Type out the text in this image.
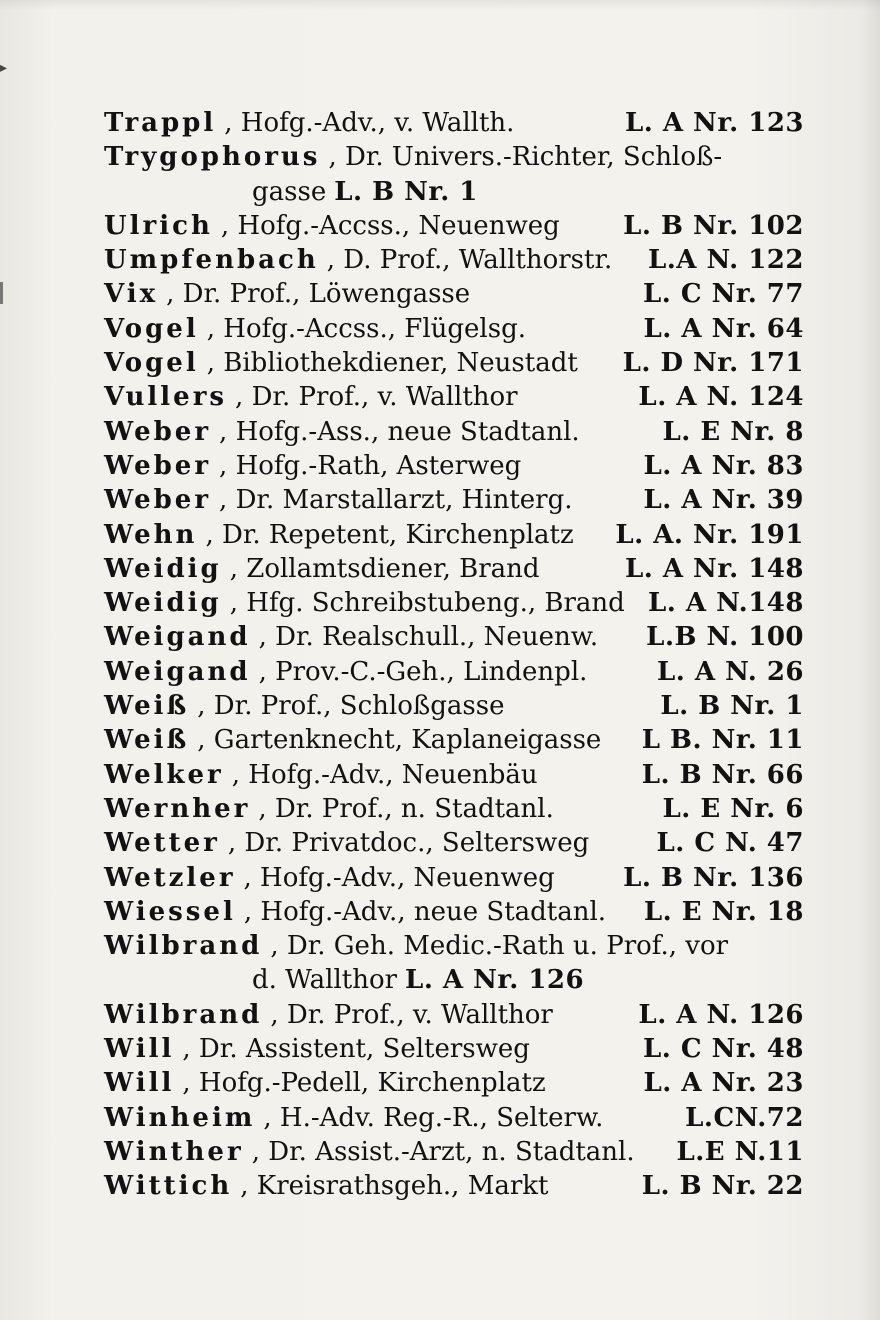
▸
Trappl , Hofg.-Adv., v. Wallth.	L. A Nr. 123
Trygophorus , Dr. Univers.-Richter, Schloß-
gasse L. B Nr. 1
Ulrich , Hofg.-Accss., Neuenweg	L. B Nr. 102
Umpfenbach , D. Prof., Wallthorstr.	L.A N. 122
Vix , Dr. Prof., Löwengasse	L. C Nr. 77
Vogel , Hofg.-Accss., Flügelsg.	L. A Nr. 64
Vogel , Bibliothekdiener, Neustadt	L. D Nr. 171
Vullers , Dr. Prof., v. Wallthor	L. A N. 124
Weber , Hofg.-Ass., neue Stadtanl.	L. E Nr. 8
Weber , Hofg.-Rath, Asterweg	L. A Nr. 83
Weber , Dr. Marstallarzt, Hinterg.	L. A Nr. 39
Wehn , Dr. Repetent, Kirchenplatz	L. A. Nr. 191
Weidig , Zollamtsdiener, Brand	L. A Nr. 148
Weidig , Hfg. Schreibstubeng., Brand L. A N.148
Weigand , Dr. Realschull., Neuenw.	L.B N. 100
Weigand , Prov.-C.-Geh., Lindenpl.	L. A N. 26
Weiß , Dr. Prof., Schloßgasse	L. B Nr. 1
Weiß , Gartenknecht, Kaplaneigasse	L B. Nr. 11
Welker , Hofg.-Adv., Neuenbäu	L. B Nr. 66
Wernher , Dr. Prof., n. Stadtanl.	L. E Nr. 6
Wetter , Dr. Privatdoc., Seltersweg	L. C N. 47
Wetzler , Hofg.-Adv., Neuenweg	L. B Nr. 136
Wiessel , Hofg.-Adv., neue Stadtanl.	L. E Nr. 18
Wilbrand , Dr. Geh. Medic.-Rath u. Prof., vor
d. Wallthor L. A Nr. 126
Wilbrand , Dr. Prof., v. Wallthor	L. A N. 126
Will , Dr. Assistent, Seltersweg	L. C Nr. 48
Will , Hofg.-Pedell, Kirchenplatz	L. A Nr. 23
Winheim , H.-Adv. Reg.-R., Selterw.	L.CN.72
Winther , Dr. Assist.-Arzt, n. Stadtanl.	L.E N.11
Wittich , Kreisrathsgeh., Markt	L. B Nr. 22
